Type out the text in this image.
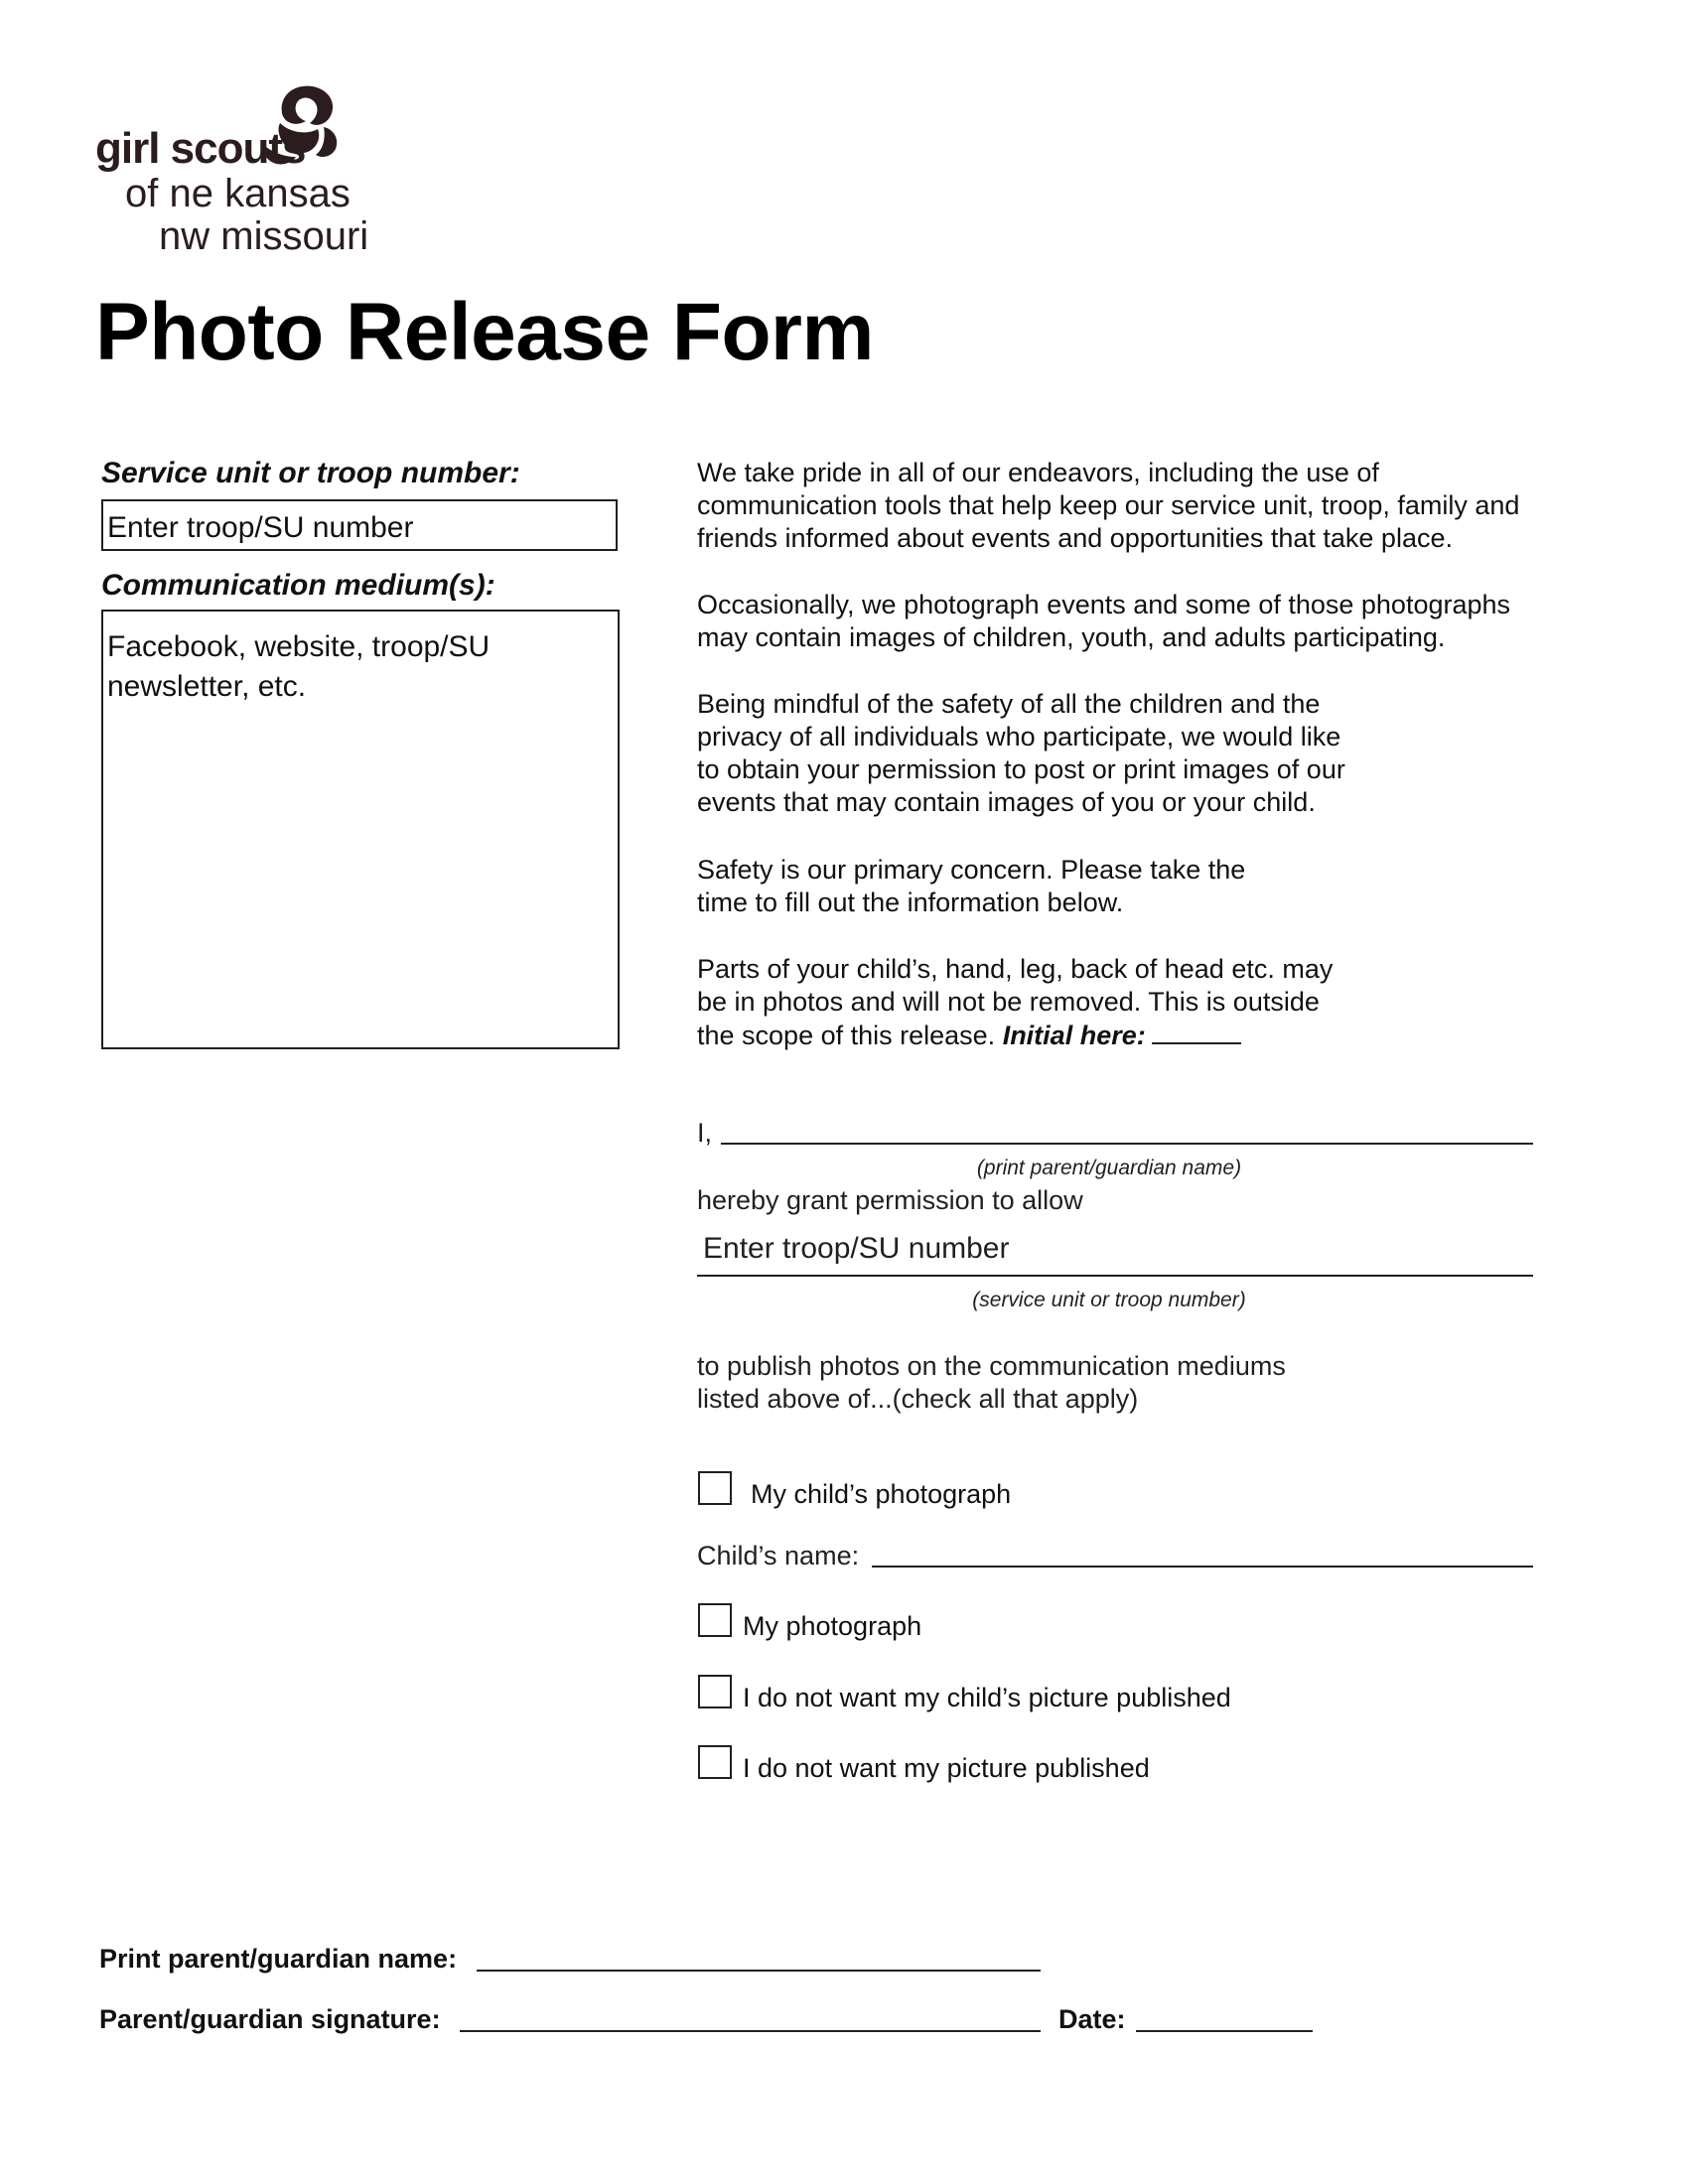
girl scouts
of ne kansas
nw missouri
Photo Release Form
Service unit or troop number:
Enter troop/SU number
Communication medium(s):
Facebook, website, troop/SU
newsletter, etc.
We take pride in all of our endeavors, including the use of
communication tools that help keep our service unit, troop, family and
friends informed about events and opportunities that take place.
Occasionally, we photograph events and some of those photographs
may contain images of children, youth, and adults participating.
Being mindful of the safety of all the children and the
privacy of all individuals who participate, we would like
to obtain your permission to post or print images of our
events that may contain images of you or your child.
Safety is our primary concern. Please take the
time to fill out the information below.
Parts of your child’s, hand, leg, back of head etc. may
be in photos and will not be removed. This is outside
the scope of this release. Initial here:
I,
(print parent/guardian name)
hereby grant permission to allow
Enter troop/SU number
(service unit or troop number)
to publish photos on the communication mediums
listed above of...(check all that apply)
My child’s photograph
Child’s name:
My photograph
I do not want my child’s picture published
I do not want my picture published
Print parent/guardian name:
Parent/guardian signature:	Date:
